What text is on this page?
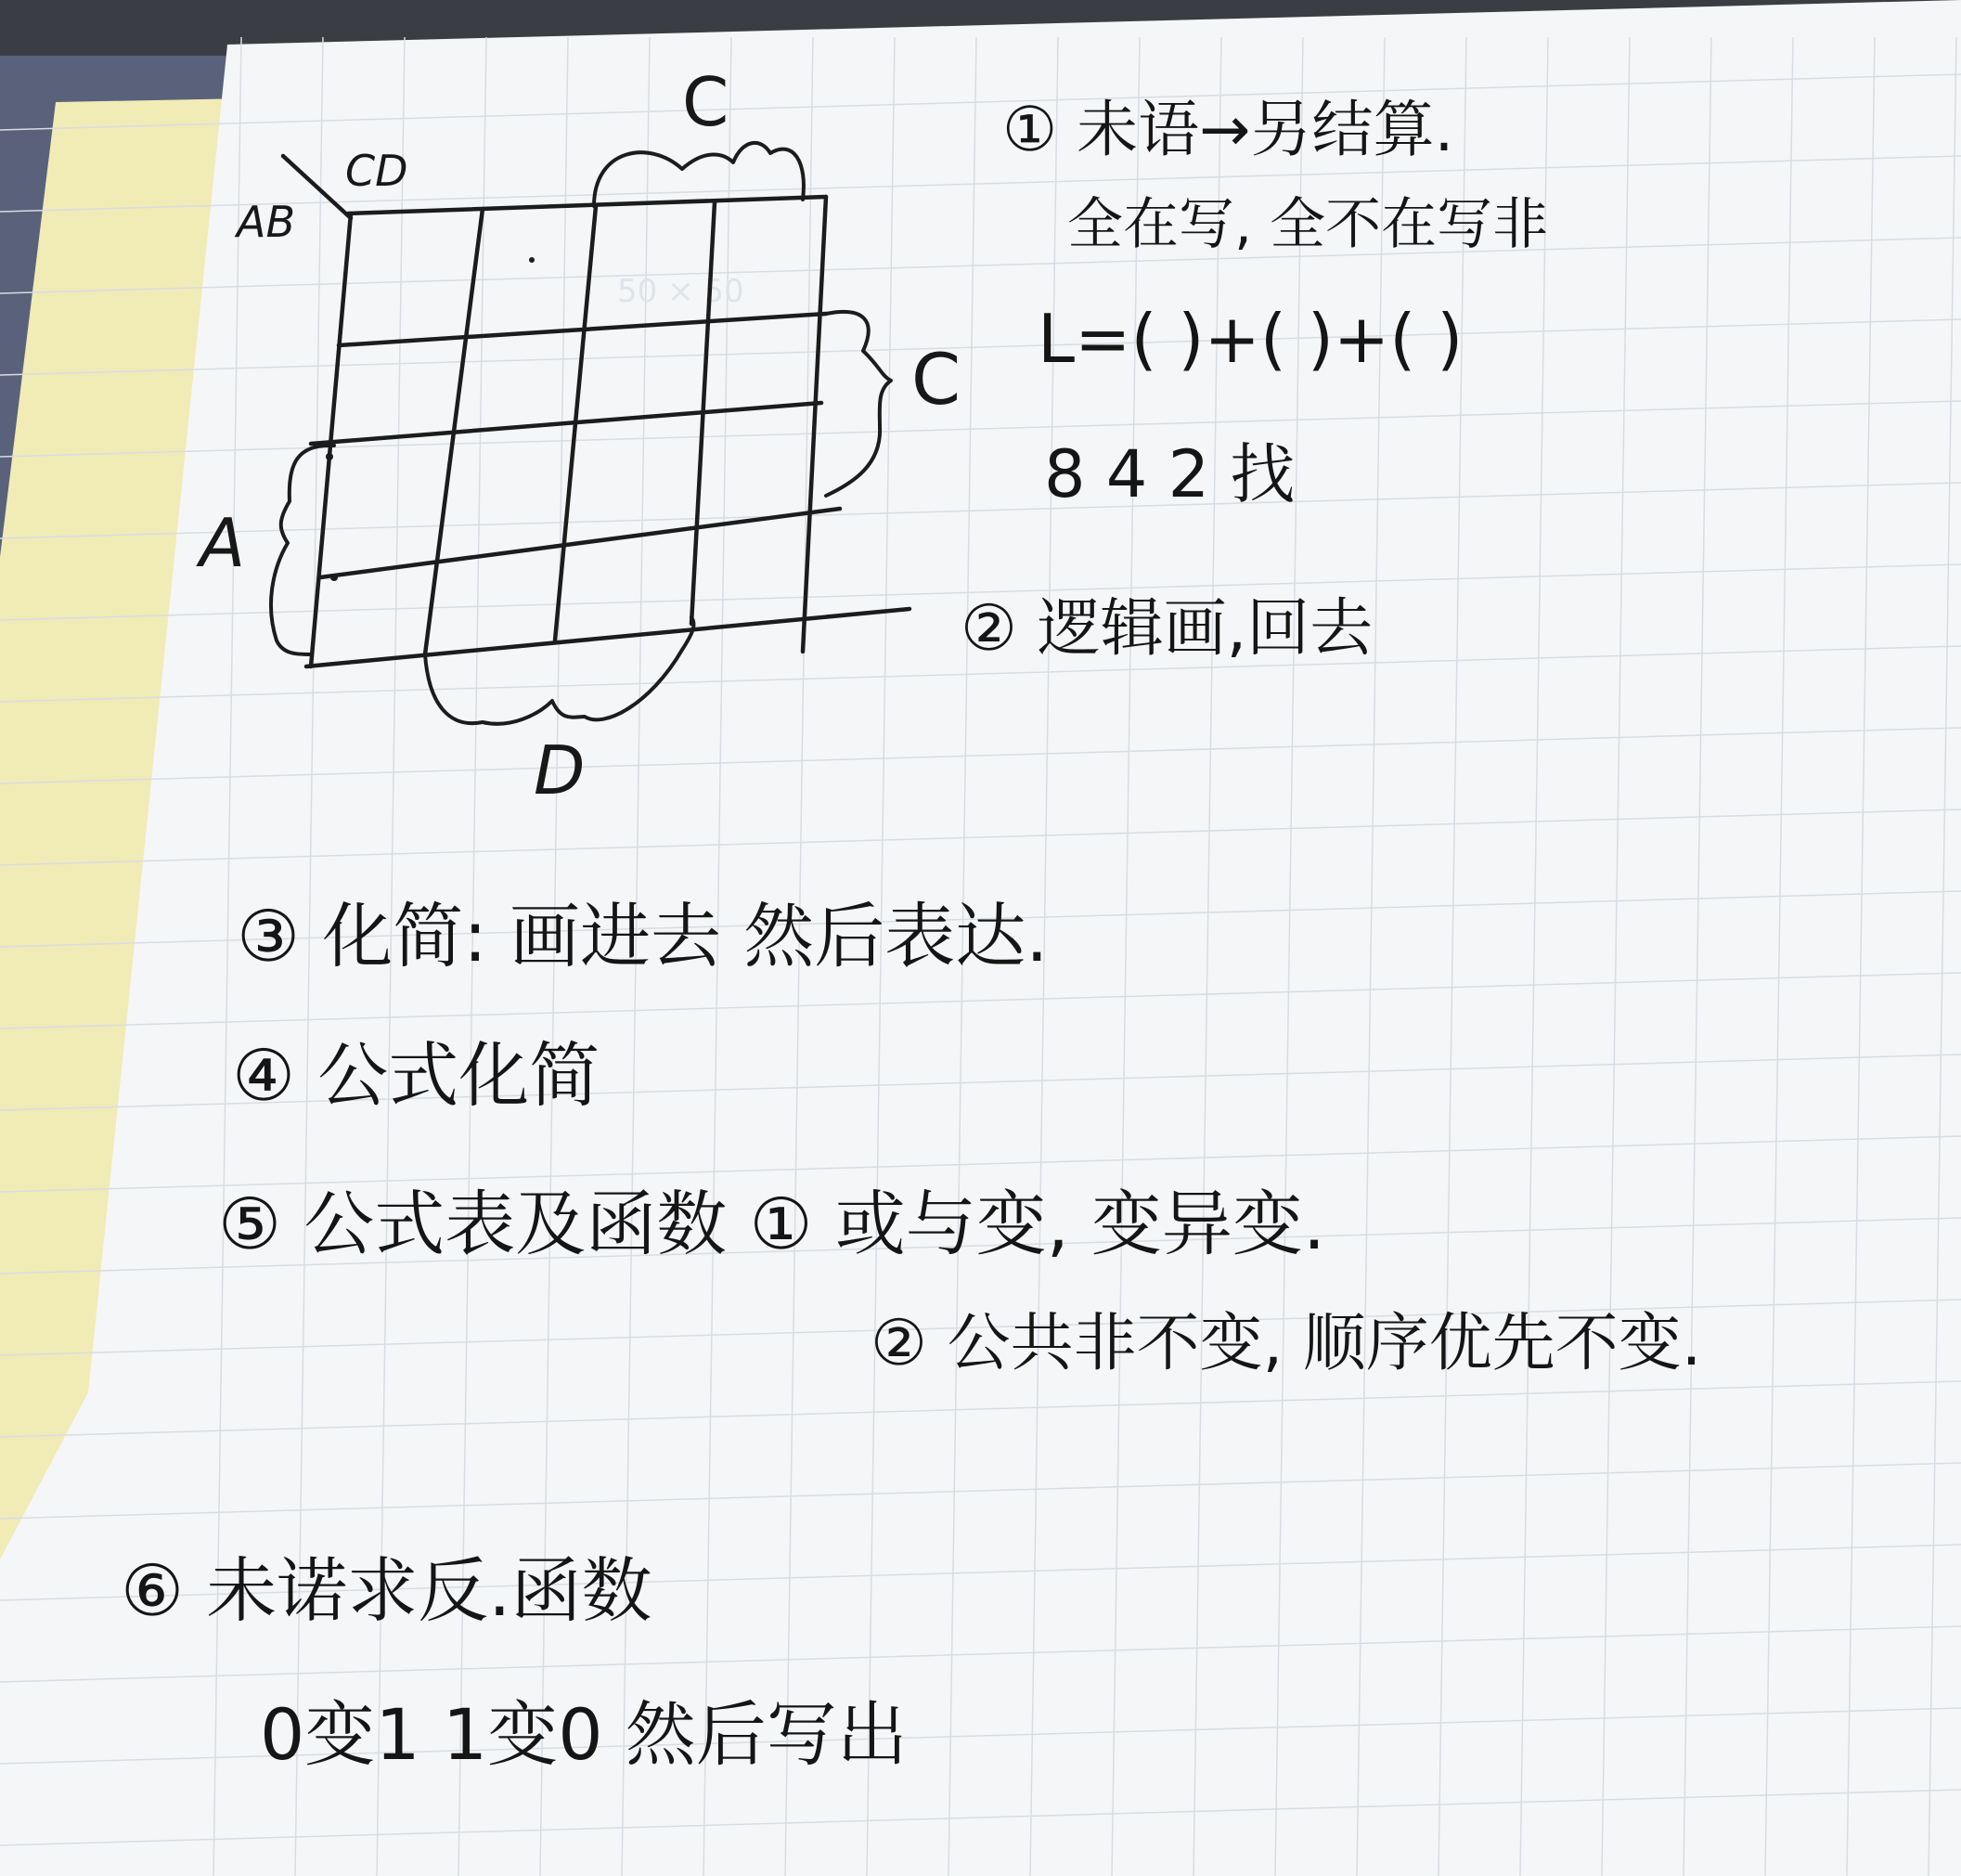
50 × 50
AB
CD
C
C
A
D
① 未语→另结算.
全在写, 全不在写非
L=( )+( )+( )
8 4 2 找
② 逻辑画,回去
③ 化简: 画进去 然后表达.
④ 公式化简
⑤ 公式表及函数 ① 或与变, 变异变.
② 公共非不变, 顺序优先不变.
⑥ 未诺求反.函数
0变1 1变0 然后写出
